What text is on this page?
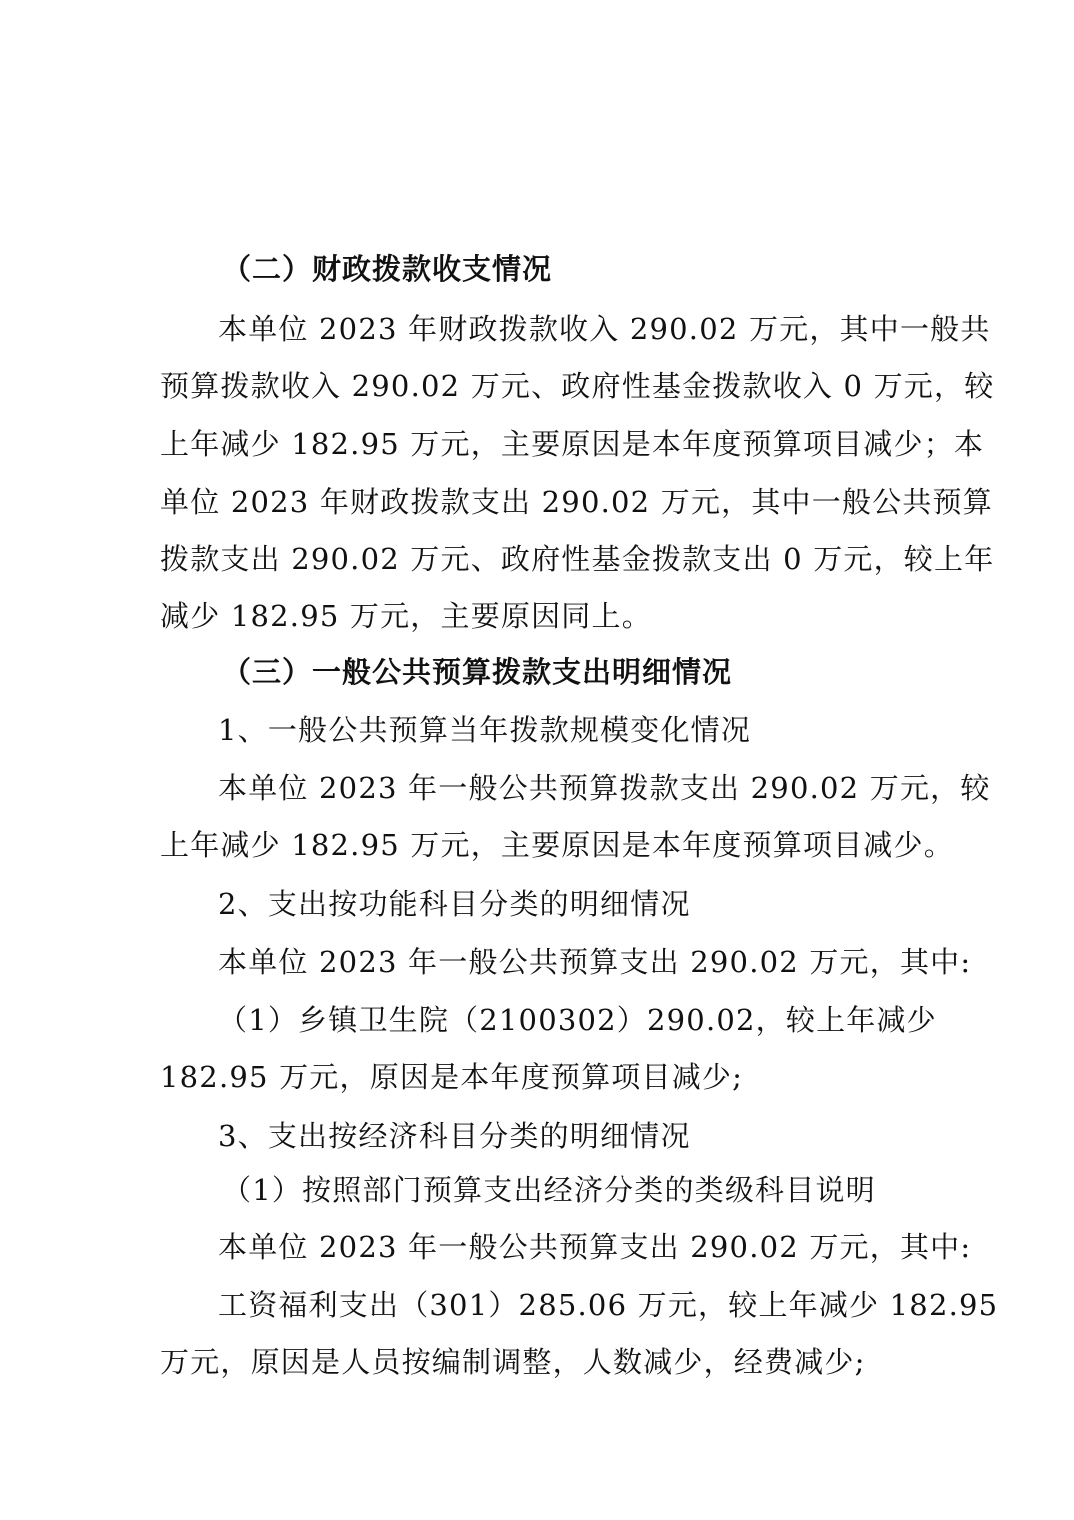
（二）财政拨款收支情况
本单位 2023 年财政拨款收入 290.02 万元，其中一般共
预算拨款收入 290.02 万元、政府性基金拨款收入 0 万元，较
上年减少 182.95 万元，主要原因是本年度预算项目减少；本
单位 2023 年财政拨款支出 290.02 万元，其中一般公共预算
拨款支出 290.02 万元、政府性基金拨款支出 0 万元，较上年
减少 182.95 万元，主要原因同上。
（三）一般公共预算拨款支出明细情况
1、一般公共预算当年拨款规模变化情况
本单位 2023 年一般公共预算拨款支出 290.02 万元，较
上年减少 182.95 万元，主要原因是本年度预算项目减少。
2、支出按功能科目分类的明细情况
本单位 2023 年一般公共预算支出 290.02 万元，其中:
（1）乡镇卫生院（2100302）290.02，较上年减少
182.95 万元，原因是本年度预算项目减少;
3、支出按经济科目分类的明细情况
（1）按照部门预算支出经济分类的类级科目说明
本单位 2023 年一般公共预算支出 290.02 万元，其中:
工资福利支出（301）285.06 万元，较上年减少 182.95
万元，原因是人员按编制调整，人数减少，经费减少;
